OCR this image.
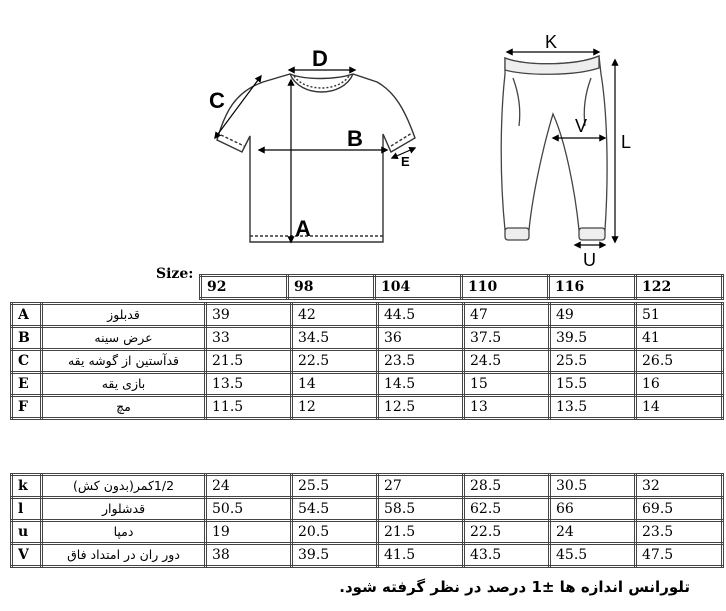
A
B
C
D
E
K
V
L
U
Size:
92	98	104	110	116	122
A	قدبلوز	39	42	44.5	47	49	51
B	عرض سینه	33	34.5	36	37.5	39.5	41
C	قدآستین از گوشه یقه	21.5	22.5	23.5	24.5	25.5	26.5
E	بازی یقه	13.5	14	14.5	15	15.5	16
F	مچ	11.5	12	12.5	13	13.5	14
k	1/2کمر(بدون کش)	24	25.5	27	28.5	30.5	32
l	قدشلوار	50.5	54.5	58.5	62.5	66	69.5
u	دمپا	19	20.5	21.5	22.5	24	23.5
V	دور ران در امتداد فاق	38	39.5	41.5	43.5	45.5	47.5
تلورانس اندازه ها ±1 درصد در نظر گرفته شود.
